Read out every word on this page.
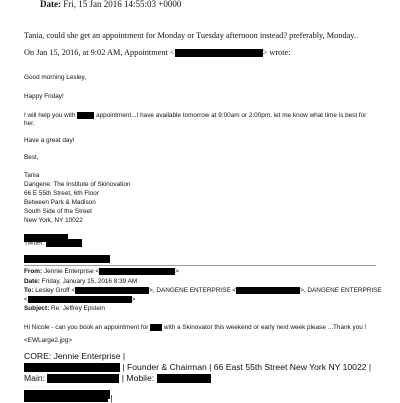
Date: Fri, 15 Jan 2016 14:55:03 +0000
Tania, could she get an appointment for Monday or Tuesday afternoon instead? preferably, Monday..
On Jan 15, 2016, at 9:02 AM, Appointment <	> wrote:
Good morning Lesley,
Happy Friday!
I will help you with	appointment...I have available tomorrow at 9:00am or 2:00pm, let me know what time is best for
her.
Have a great day!
Best,
Tania
Dangene: The Institute of Skinovation
66 E 55th Street, 6th Floor
Between Park & Madison
South Side of the Street
New York, NY 10022
Twitter:
From: Jennie Enterprise <	>
Date: Friday, January 15, 2016 8:39 AM
To: Lesley Groff <	>, DANGENE ENTERPRISE <	>, DANGENE ENTERPRISE
<	>
Subject: Re: Jeffrey Epstein
Hi Nicole - can you book an appointment for with a Skinovator this weekend or early next week please ...Thank you !
<EWLarge2.jpg>
CORE: Jennie Enterprise |
| Founder & Chairman | 66 East 55th Street New York NY 10022 |
Main:	| Mobile:
|
